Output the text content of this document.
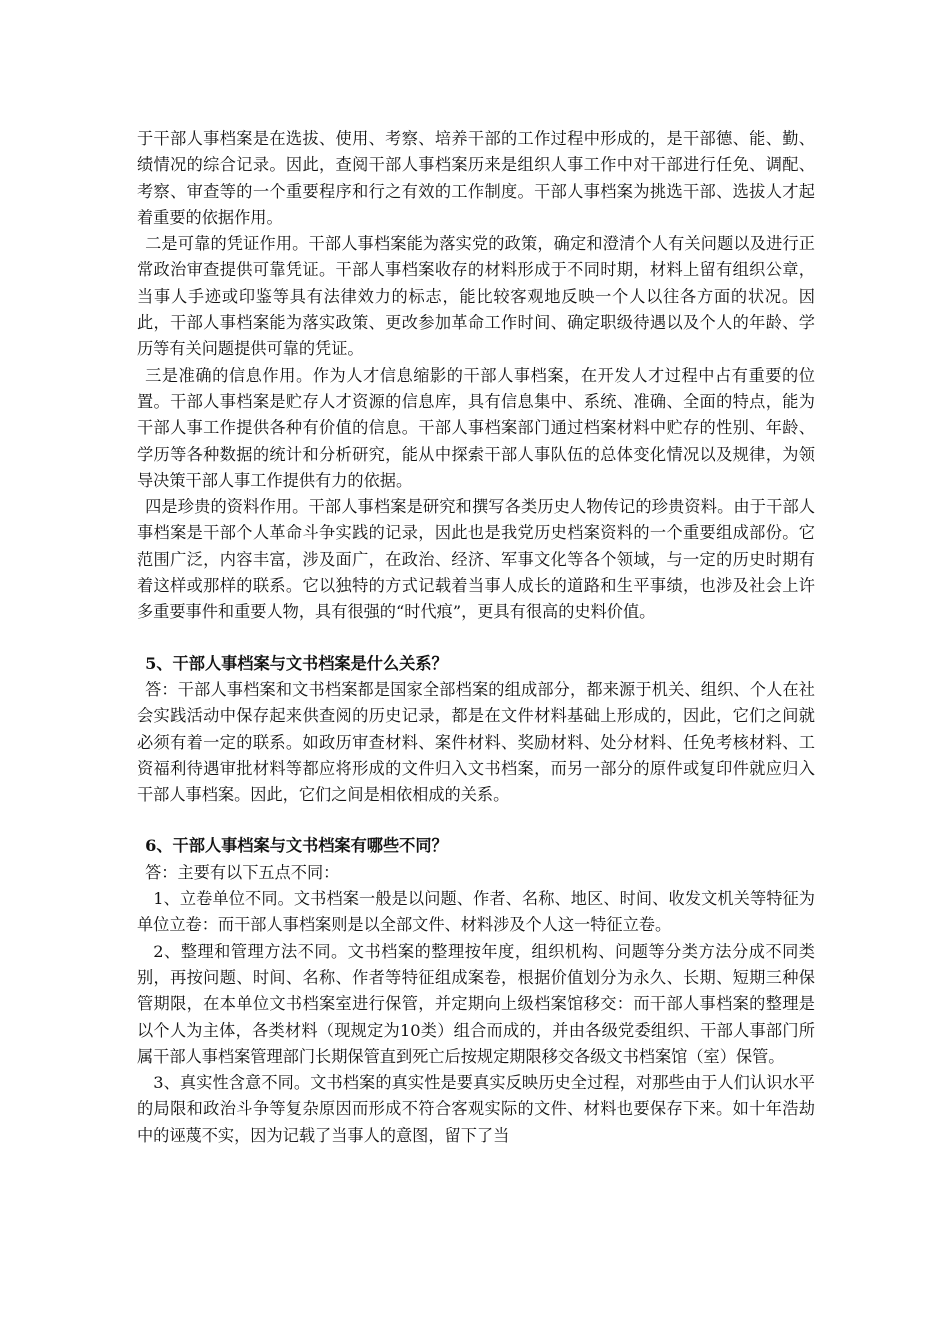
于干部人事档案是在选拔、使用、考察、培养干部的工作过程中形成的，是干部德、能、勤、绩情况的综合记录。因此，查阅干部人事档案历来是组织人事工作中对干部进行任免、调配、考察、审查等的一个重要程序和行之有效的工作制度。干部人事档案为挑选干部、选拔人才起着重要的依据作用。

二是可靠的凭证作用。干部人事档案能为落实党的政策，确定和澄清个人有关问题以及进行正常政治审查提供可靠凭证。干部人事档案收存的材料形成于不同时期，材料上留有组织公章，当事人手迹或印鉴等具有法律效力的标志，能比较客观地反映一个人以往各方面的状况。因此，干部人事档案能为落实政策、更改参加革命工作时间、确定职级待遇以及个人的年龄、学历等有关问题提供可靠的凭证。

三是准确的信息作用。作为人才信息缩影的干部人事档案，在开发人才过程中占有重要的位置。干部人事档案是贮存人才资源的信息库，具有信息集中、系统、准确、全面的特点，能为干部人事工作提供各种有价值的信息。干部人事档案部门通过档案材料中贮存的性别、年龄、学历等各种数据的统计和分析研究，能从中探索干部人事队伍的总体变化情况以及规律，为领导决策干部人事工作提供有力的依据。

四是珍贵的资料作用。干部人事档案是研究和撰写各类历史人物传记的珍贵资料。由于干部人事档案是干部个人革命斗争实践的记录，因此也是我党历史档案资料的一个重要组成部份。它范围广泛，内容丰富，涉及面广，在政治、经济、军事文化等各个领域，与一定的历史时期有着这样或那样的联系。它以独特的方式记载着当事人成长的道路和生平事绩，也涉及社会上许多重要事件和重要人物，具有很强的“时代痕”，更具有很高的史料价值。

5、干部人事档案与文书档案是什么关系？

答：干部人事档案和文书档案都是国家全部档案的组成部分，都来源于机关、组织、个人在社会实践活动中保存起来供查阅的历史记录，都是在文件材料基础上形成的，因此，它们之间就必须有着一定的联系。如政历审查材料、案件材料、奖励材料、处分材料、任免考核材料、工资福利待遇审批材料等都应将形成的文件归入文书档案，而另一部分的原件或复印件就应归入干部人事档案。因此，它们之间是相依相成的关系。

6、干部人事档案与文书档案有哪些不同？

答：主要有以下五点不同：

1、立卷单位不同。文书档案一般是以问题、作者、名称、地区、时间、收发文机关等特征为单位立卷：而干部人事档案则是以全部文件、材料涉及个人这一特征立卷。

2、整理和管理方法不同。文书档案的整理按年度，组织机构、问题等分类方法分成不同类别，再按问题、时间、名称、作者等特征组成案卷，根据价值划分为永久、长期、短期三种保管期限，在本单位文书档案室进行保管，并定期向上级档案馆移交：而干部人事档案的整理是以个人为主体，各类材料（现规定为10类）组合而成的，并由各级党委组织、干部人事部门所属干部人事档案管理部门长期保管直到死亡后按规定期限移交各级文书档案馆（室）保管。

3、真实性含意不同。文书档案的真实性是要真实反映历史全过程，对那些由于人们认识水平的局限和政治斗争等复杂原因而形成不符合客观实际的文件、材料也要保存下来。如十年浩劫中的诬蔑不实，因为记载了当事人的意图，留下了当
